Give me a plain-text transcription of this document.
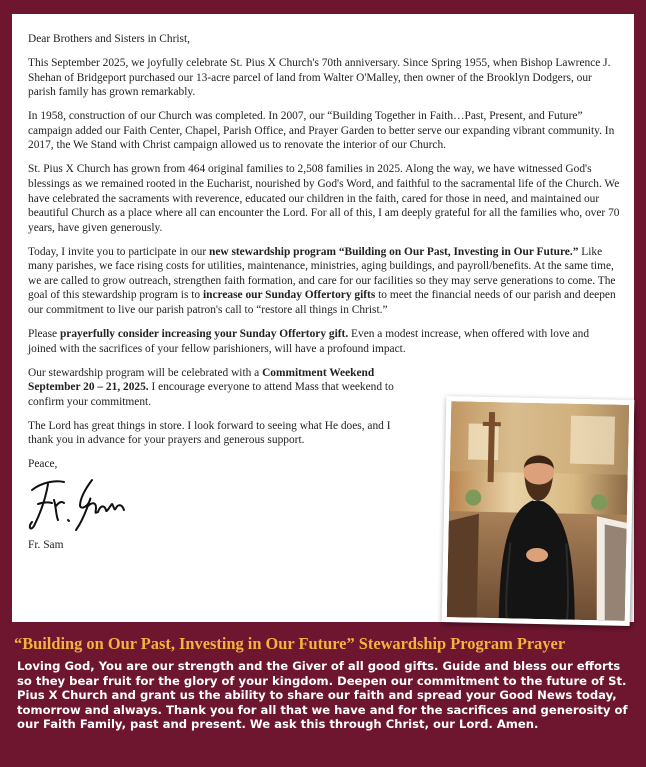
Dear Brothers and Sisters in Christ,

This September 2025, we joyfully celebrate St. Pius X Church's 70th anniversary. Since Spring 1955, when Bishop Lawrence J. Shehan of Bridgeport purchased our 13-acre parcel of land from Walter O'Malley, then owner of the Brooklyn Dodgers, our parish family has grown remarkably.

In 1958, construction of our Church was completed. In 2007, our “Building Together in Faith…Past, Present, and Future” campaign added our Faith Center, Chapel, Parish Office, and Prayer Garden to better serve our expanding vibrant community. In 2017, the We Stand with Christ campaign allowed us to renovate the interior of our Church.

St. Pius X Church has grown from 464 original families to 2,508 families in 2025. Along the way, we have witnessed God's blessings as we remained rooted in the Eucharist, nourished by God's Word, and faithful to the sacramental life of the Church. We have celebrated the sacraments with reverence, educated our children in the faith, cared for those in need, and maintained our beautiful Church as a place where all can encounter the Lord. For all of this, I am deeply grateful for all the families who, over 70 years, have given generously.

Today, I invite you to participate in our new stewardship program “Building on Our Past, Investing in Our Future.” Like many parishes, we face rising costs for utilities, maintenance, ministries, aging buildings, and payroll/benefits. At the same time, we are called to grow outreach, strengthen faith formation, and care for our facilities so they may serve generations to come. The goal of this stewardship program is to increase our Sunday Offertory gifts to meet the financial needs of our parish and deepen our commitment to live our parish patron's call to “restore all things in Christ.”

Please prayerfully consider increasing your Sunday Offertory gift. Even a modest increase, when offered with love and joined with the sacrifices of your fellow parishioners, will have a profound impact.

Our stewardship program will be celebrated with a Commitment Weekend September 20 – 21, 2025. I encourage everyone to attend Mass that weekend to confirm your commitment.

The Lord has great things in store. I look forward to seeing what He does, and I thank you in advance for your prayers and generous support.

Peace,

Fr. Sam

“Building on Our Past, Investing in Our Future” Stewardship Program Prayer
Loving God, You are our strength and the Giver of all good gifts. Guide and bless our efforts so they bear fruit for the glory of your kingdom. Deepen our commitment to the future of St. Pius X Church and grant us the ability to share our faith and spread your Good News today, tomorrow and always. Thank you for all that we have and for the sacrifices and generosity of our Faith Family, past and present. We ask this through Christ, our Lord. Amen.
